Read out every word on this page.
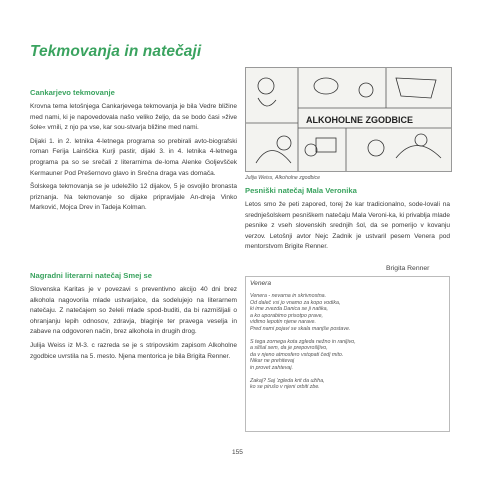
Tekmovanja in natečaji
Cankarjevo tekmovanje

Krovna tema letošnjega Cankarjevega tekmovanja je bila Vedre bližine med nami, ki je napovedovala našo veliko željo, da se bodo časi »žive šole« vrnili, z njo pa vse, kar sou-stvarja bližine med nami.

Dijaki 1. in 2. letnika 4-letnega programa so prebirali avto-biografski roman Ferija Lainščka Kurji pastir, dijaki 3. in 4. letnika 4-letnega programa pa so se srečali z literarnima de-loma Alenke Goljevšček Kermauner Pod Prešernovo glavo in Srečna draga vas domača.

Šolskega tekmovanja se je udeležilo 12 dijakov, 5 je osvojilo bronasta priznanja. Na tekmovanje so dijake pripravljale An-dreja Vinko Marković, Mojca Drev in Tadeja Kolman.

Nagradni literarni natečaj Smej se

Slovenska Karitas je v povezavi s preventivno akcijo 40 dni brez alkohola nagovorila mlade ustvarjalce, da sodelujejo na literarnem natečaju. Z natečajem so želeli mlade spod-buditi, da bi razmišljali o ohranjanju lepih odnosov, zdravja, blaginje ter pravega veselja in zabave na odgovoren način, brez alkohola in drugih drog.

Julija Weiss iz M-3. c razreda se je s stripovskim zapisom Alkoholne zgodbice uvrstila na 5. mesto. Njena mentorica je bila Brigita Renner.

ALKOHOLNE ZGODBICE
Julija Weiss, Alkoholne zgodbice
Pesniški natečaj Mala Veronika

Letos smo že peti zapored, torej že kar tradicionalno, sode-lovali na srednješolskem pesniškem natečaju Mala Veroni-ka, ki privablja mlade pesnike z vseh slovenskih srednjih šol, da se pomerijo v kovanju verzov. Letošnji avtor Nejc Zadnik je ustvaril pesem Venera pod mentorstvom Brigite Renner.

Brigita Renner
Venera
Venera - nevarna in skrivnostna.
Od daleč vsi jo vnamo za kopo vodika,
ki ime zvezda Danica se ji natika,
a ko uporabimo prisotpo prave,
vidimo lepotin njene narave.
Pred nami pojavi se skala manjše postave.
S tega zornega kota zgleda nežno in ranljivo,
a slišal sem, da je prepovrošljivo,
da v njeno atmosfero vstopati čedj mito.
Nikar ne prehitevaj
in provet zahtevaj.
Zakaj? Saj 'zgleda krit da užiha,
ko se pirušo v njeni orbiti zbe.
155
